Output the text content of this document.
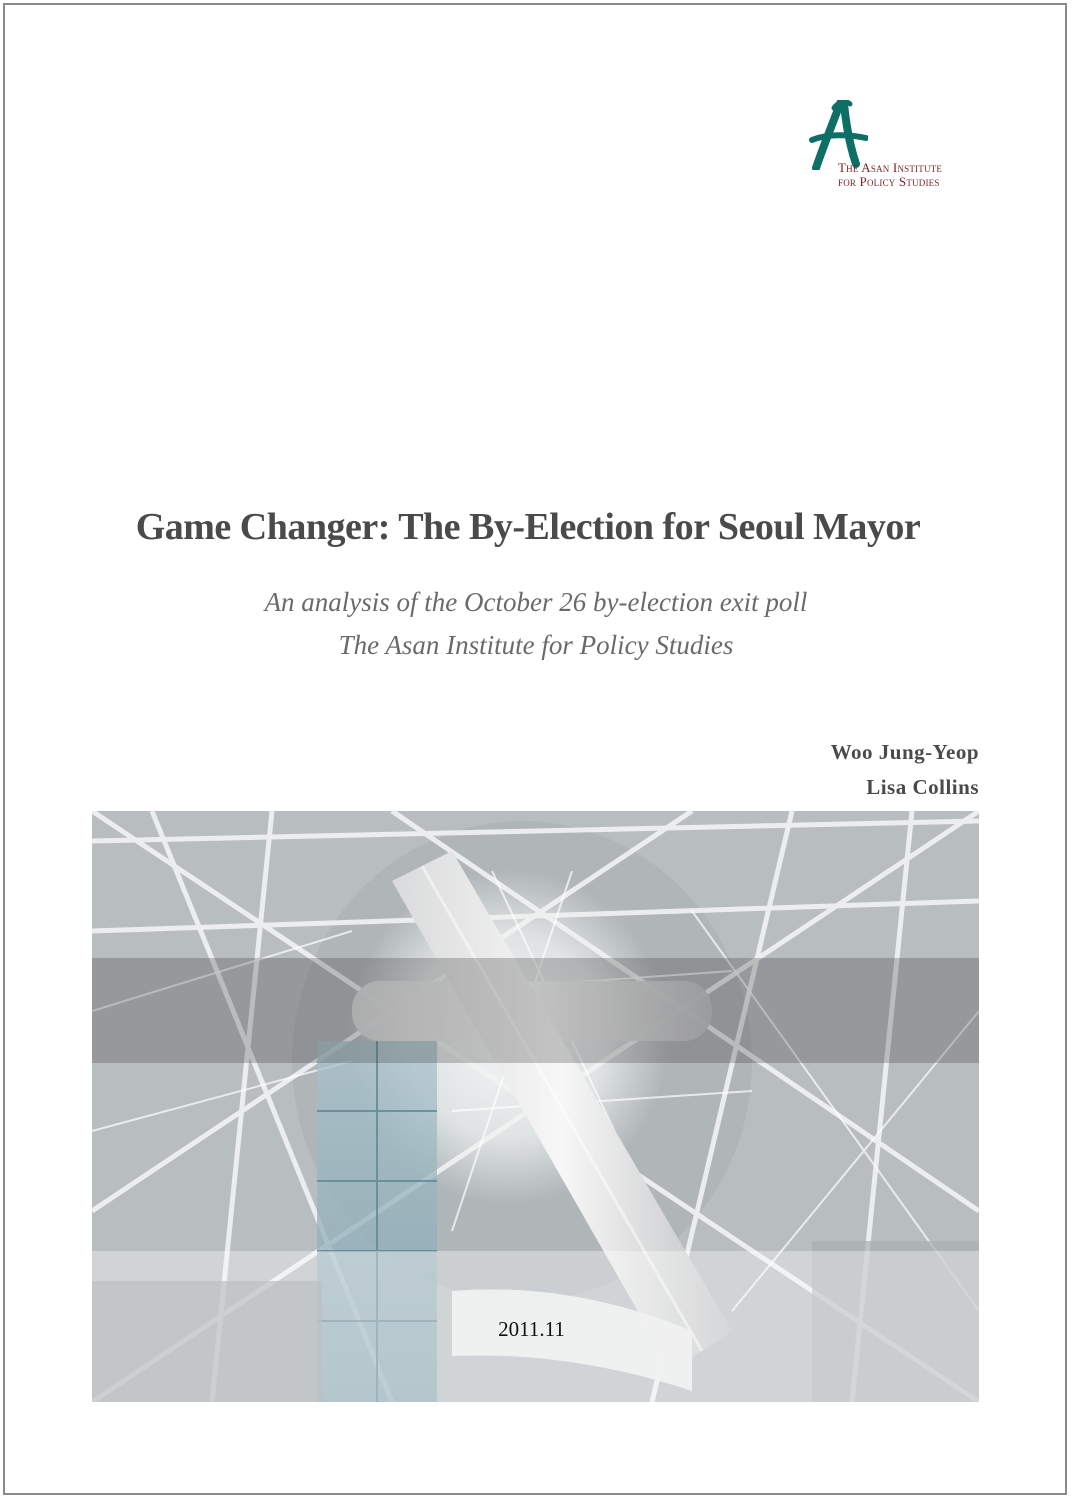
The Asan Institute
for Policy Studies
Game Changer: The By-Election for Seoul Mayor
An analysis of the October 26 by-election exit poll
The Asan Institute for Policy Studies
Woo Jung-Yeop
Lisa Collins
2011.11
